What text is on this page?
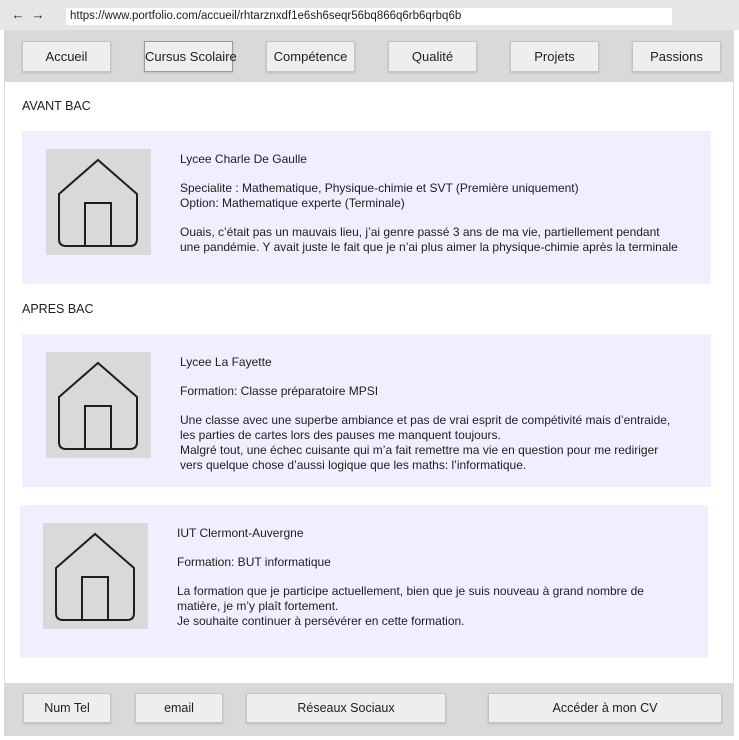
← →	https://www.portfolio.com/accueil/rhtarznxdf1e6sh6seqr56bq866q6rb6qrbq6b
Accueil	Cursus Scolaire	Compétence	Qualité	Projets	Passions
AVANT BAC
Lycee Charle De Gaulle
Specialite : Mathematique, Physique-chimie et SVT (Première uniquement)
Option: Mathematique experte (Terminale)
Ouais, c’était pas un mauvais lieu, j’ai genre passé 3 ans de ma vie, partiellement pendant
une pandémie. Y avait juste le fait que je n’ai plus aimer la physique-chimie après la terminale
APRES BAC
Lycee La Fayette
Formation: Classe préparatoire MPSI
Une classe avec une superbe ambiance et pas de vrai esprit de compétivité mais d’entraide,
les parties de cartes lors des pauses me manquent toujours.
Malgré tout, une échec cuisante qui m’a fait remettre ma vie en question pour me rediriger
vers quelque chose d’aussi logique que les maths: l’informatique.
IUT Clermont-Auvergne
Formation: BUT informatique
La formation que je participe actuellement, bien que je suis nouveau à grand nombre de
matière, je m’y plaît fortement.
Je souhaite continuer à persévérer en cette formation.
Num Tel	email	Réseaux Sociaux	Accéder à mon CV
